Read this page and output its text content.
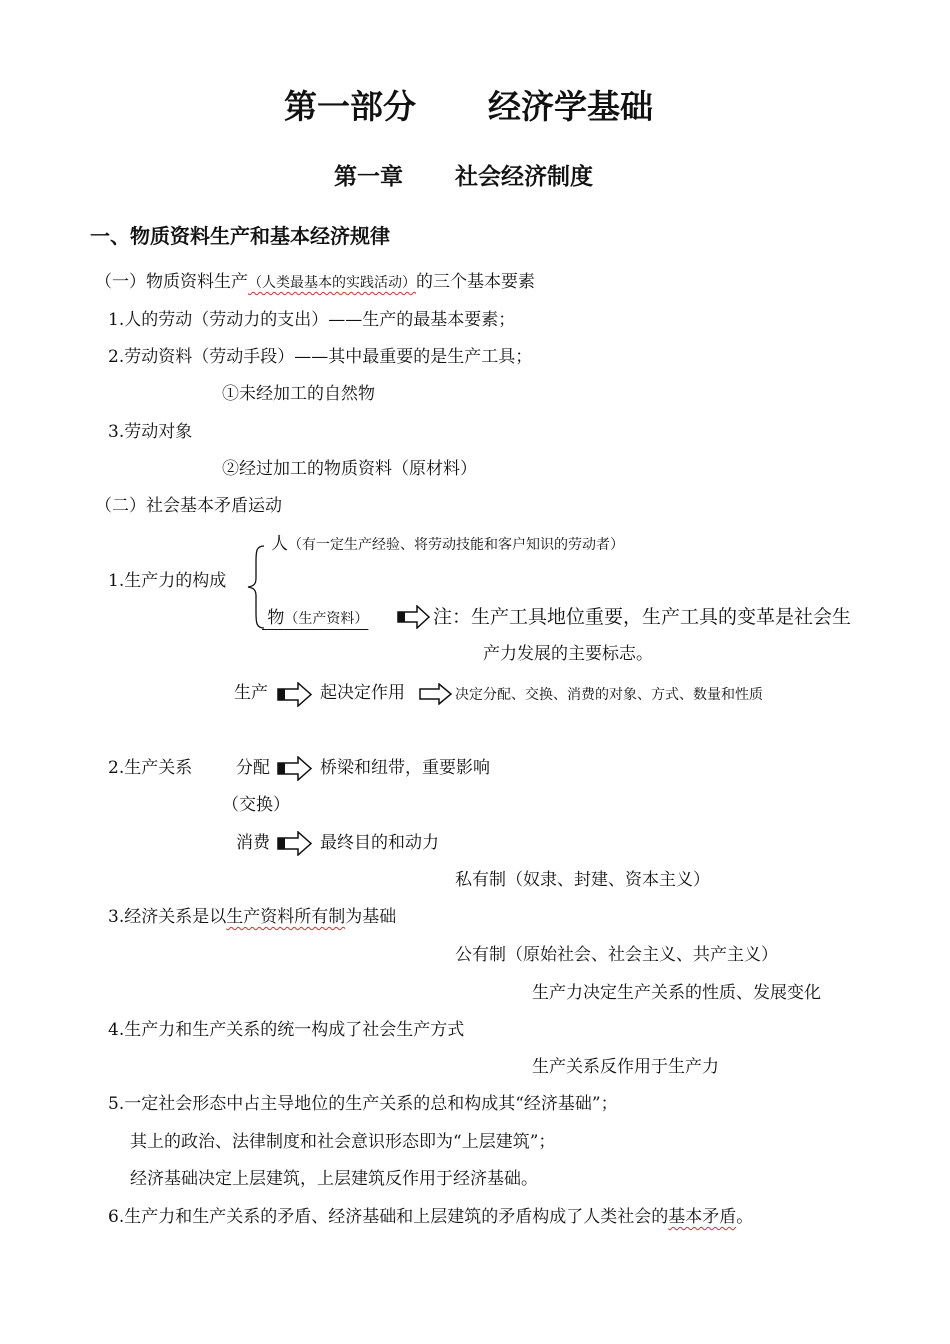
第一部分 经济学基础
第一章 社会经济制度
一、物质资料生产和基本经济规律
（一）物质资料生产（人类最基本的实践活动）的三个基本要素
1.人的劳动（劳动力的支出）——生产的最基本要素；
2.劳动资料（劳动手段）——其中最重要的是生产工具；
①未经加工的自然物
3.劳动对象
②经过加工的物质资料（原材料）
（二）社会基本矛盾运动
人（有一定生产经验、将劳动技能和客户知识的劳动者）
1.生产力的构成
物（生产资料）	注：生产工具地位重要，生产工具的变革是社会生
产力发展的主要标志。
生产	起决定作用	决定分配、交换、消费的对象、方式、数量和性质
2.生产关系	分配	桥梁和纽带，重要影响
（交换）
消费	最终目的和动力
私有制（奴隶、封建、资本主义）
3.经济关系是以生产资料所有制为基础
公有制（原始社会、社会主义、共产主义）
生产力决定生产关系的性质、发展变化
4.生产力和生产关系的统一构成了社会生产方式
生产关系反作用于生产力
5.一定社会形态中占主导地位的生产关系的总和构成其“经济基础”；
其上的政治、法律制度和社会意识形态即为“上层建筑”；
经济基础决定上层建筑，上层建筑反作用于经济基础。
6.生产力和生产关系的矛盾、经济基础和上层建筑的矛盾构成了人类社会的基本矛盾。
